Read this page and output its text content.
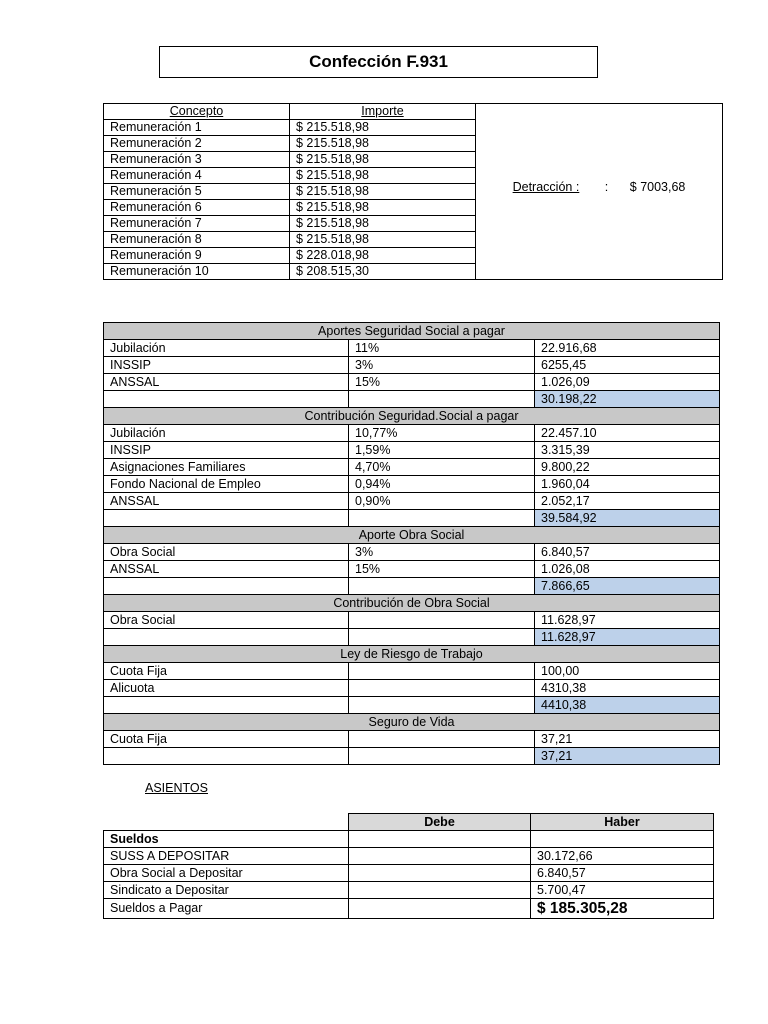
Confección F.931
Concepto	Importe	Detracción : : $ 7003,68
Remuneración 1	$ 215.518,98	
Remuneración 2	$ 215.518,98	
Remuneración 3	$ 215.518,98	
Remuneración 4	$ 215.518,98	
Remuneración 5	$ 215.518,98	
Remuneración 6	$ 215.518,98	
Remuneración 7	$ 215.518,98	
Remuneración 8	$ 215.518,98	
Remuneración 9	$ 228.018,98	
Remuneración 10	$ 208.515,30	
Aportes Seguridad Social a pagar		
Jubilación	11%	22.916,68
INSSIP	3%	6255,45
ANSSAL	15%	1.026,09
		30.198,22
Contribución Seguridad.Social a pagar		
Jubilación	10,77%	22.457.10
INSSIP	1,59%	3.315,39
Asignaciones Familiares	4,70%	9.800,22
Fondo Nacional de Empleo	0,94%	1.960,04
ANSSAL	0,90%	2.052,17
		39.584,92
Aporte Obra Social		
Obra Social	3%	6.840,57
ANSSAL	15%	1.026,08
		7.866,65
Contribución de Obra Social		
Obra Social		11.628,97
		11.628,97
Ley de Riesgo de Trabajo		
Cuota Fija		100,00
Alicuota		4310,38
		4410,38
Seguro de Vida		
Cuota Fija		37,21
		37,21
ASIENTOS
	Debe	Haber
Sueldos		
SUSS A DEPOSITAR		30.172,66
Obra Social a Depositar		6.840,57
Sindicato a Depositar		5.700,47
Sueldos a Pagar		$ 185.305,28
